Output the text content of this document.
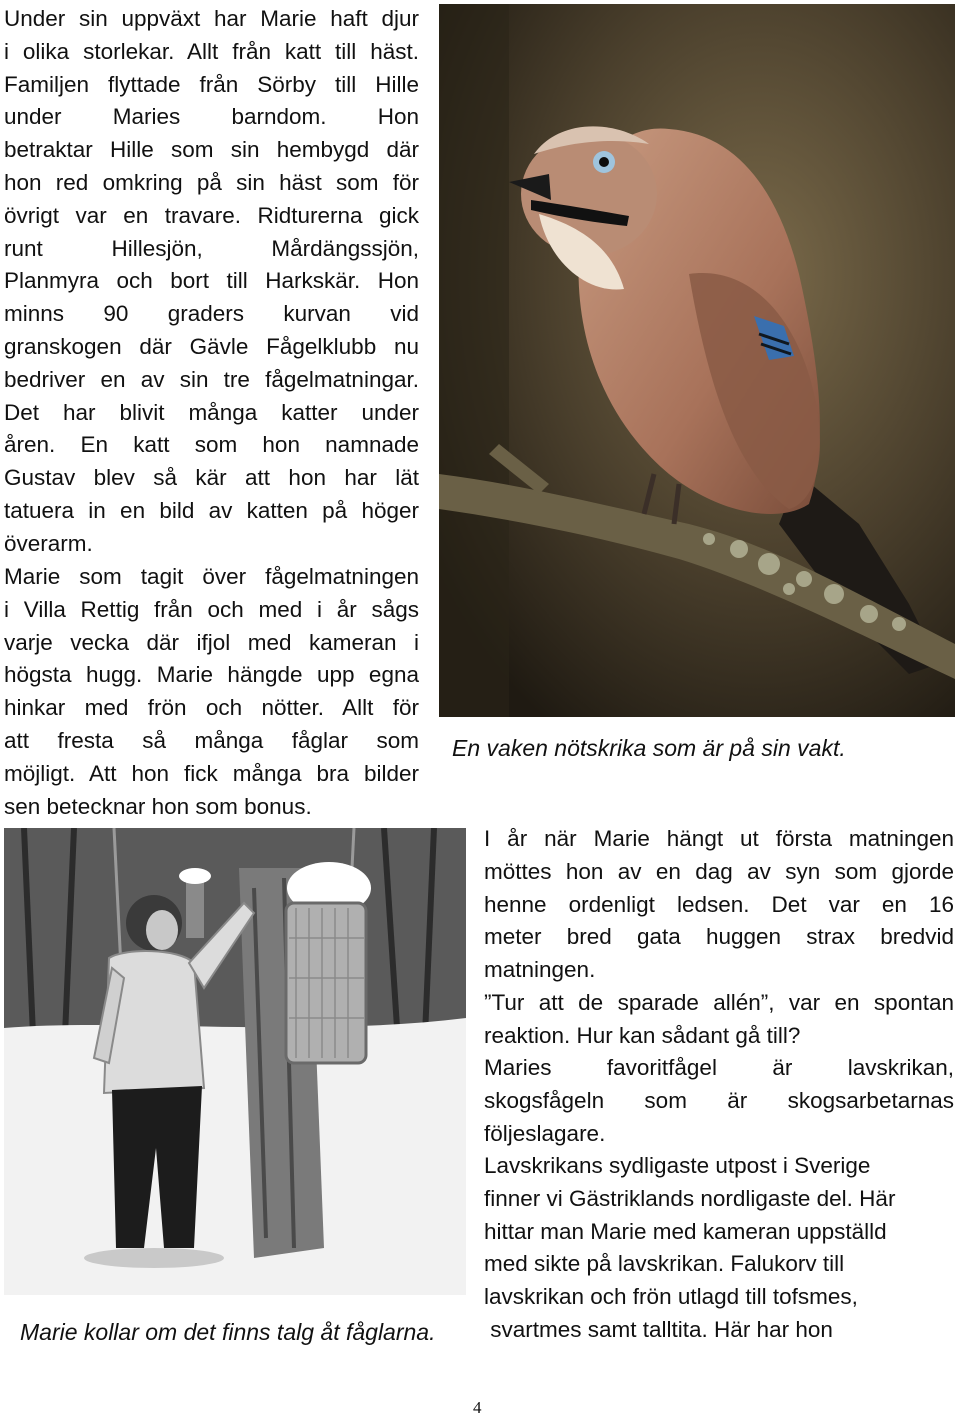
Under sin uppväxt har Marie haft djur
i olika storlekar. Allt från katt till häst.
Familjen flyttade från Sörby till Hille
under Maries barndom. Hon
betraktar Hille som sin hembygd där
hon red omkring på sin häst som för
övrigt var en travare. Ridturerna gick
runt Hillesjön, Mårdängssjön,
Planmyra och bort till Harkskär. Hon
minns 90 graders kurvan vid
granskogen där Gävle Fågelklubb nu
bedriver en av sin tre fågelmatningar.
Det har blivit många katter under
åren. En katt som hon namnade
Gustav blev så kär att hon har lät
tatuera in en bild av katten på höger
överarm.
Marie som tagit över fågelmatningen
i Villa Rettig från och med i år sågs
varje vecka där ifjol med kameran i
högsta hugg. Marie hängde upp egna
hinkar med frön och nötter. Allt för
att fresta så många fåglar som
möjligt. Att hon fick många bra bilder
sen betecknar hon som bonus.
En vaken nötskrika som är på sin vakt.
Marie kollar om det finns talg åt fåglarna.
I år när Marie hängt ut första matningen
möttes hon av en dag av syn som gjorde
henne ordenligt ledsen. Det var en 16
meter bred gata huggen strax bredvid
matningen.
”Tur att de sparade allén”, var en spontan
reaktion. Hur kan sådant gå till?
Maries favoritfågel är lavskrikan,
skogsfågeln som är skogsarbetarnas
följeslagare.
Lavskrikans sydligaste utpost i Sverige
finner vi Gästriklands nordligaste del. Här
hittar man Marie med kameran uppställd
med sikte på lavskrikan. Falukorv till
lavskrikan och frön utlagd till tofsmes,
svartmes samt talltita. Här har hon
4
